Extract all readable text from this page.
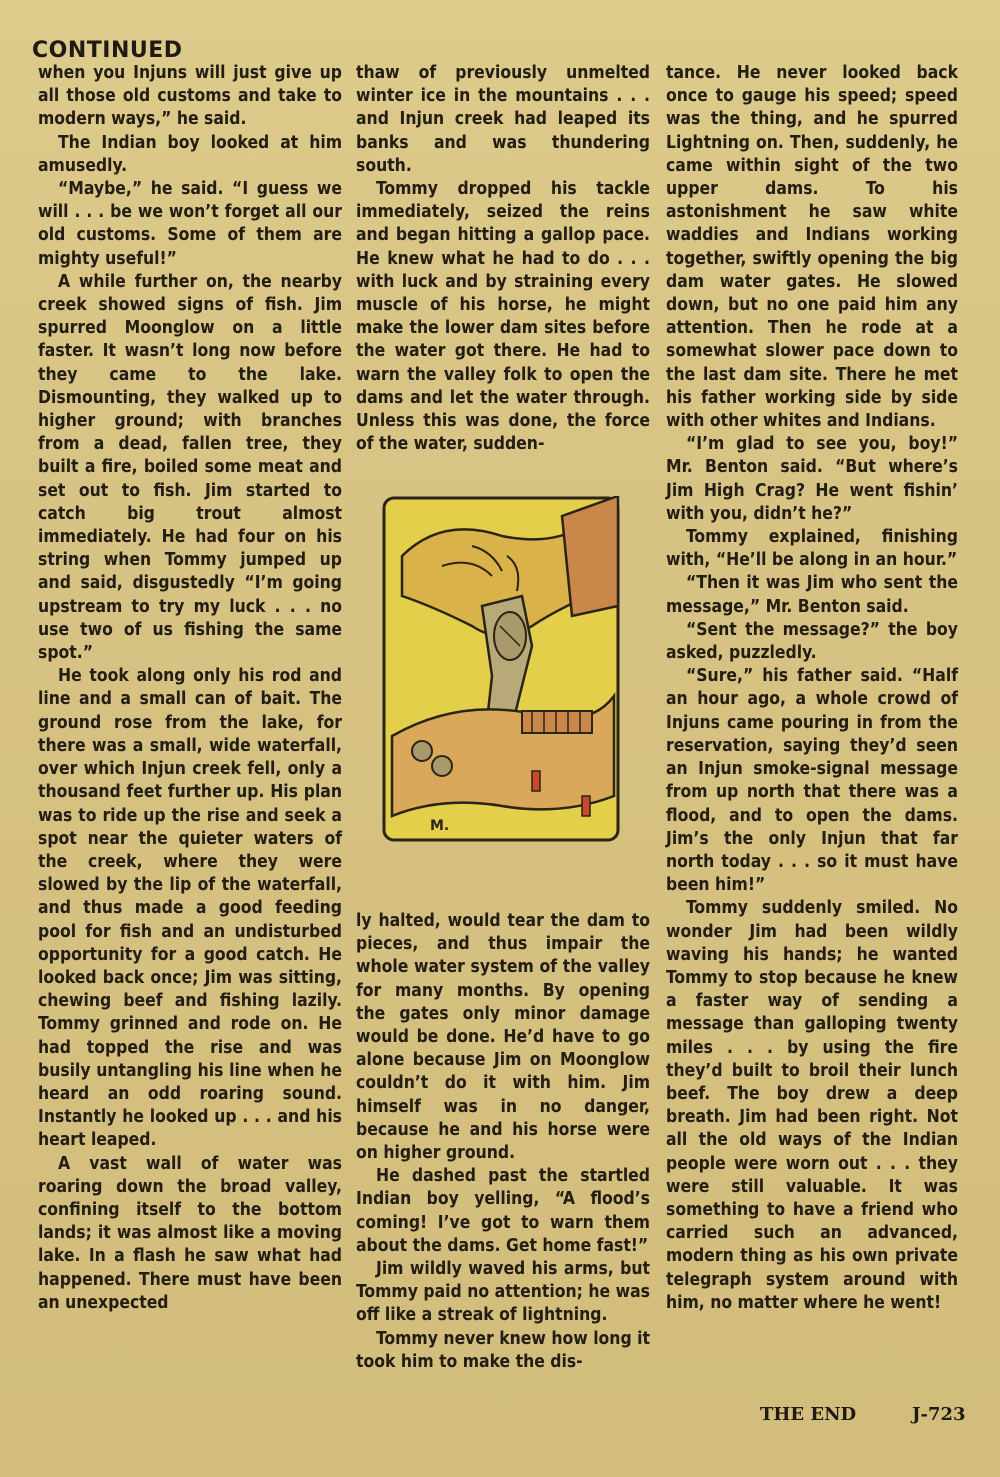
CONTINUED

when you Injuns will just give up all those old customs and take to modern ways,” he said.

The Indian boy looked at him amusedly.

“Maybe,” he said. “I guess we will . . . be we won’t forget all our old customs. Some of them are mighty useful!”

A while further on, the nearby creek showed signs of fish. Jim spurred Moonglow on a little faster. It wasn’t long now before they came to the lake. Dismounting, they walked up to higher ground; with branches from a dead, fallen tree, they built a fire, boiled some meat and set out to fish. Jim started to catch big trout almost immediately. He had four on his string when Tommy jumped up and said, disgustedly “I’m going upstream to try my luck . . . no use two of us fishing the same spot.”

He took along only his rod and line and a small can of bait. The ground rose from the lake, for there was a small, wide waterfall, over which Injun creek fell, only a thousand feet further up. His plan was to ride up the rise and seek a spot near the quieter waters of the creek, where they were slowed by the lip of the waterfall, and thus made a good feeding pool for fish and an undisturbed opportunity for a good catch. He looked back once; Jim was sitting, chewing beef and fishing lazily. Tommy grinned and rode on. He had topped the rise and was busily untangling his line when he heard an odd roaring sound. Instantly he looked up . . . and his heart leaped.

A vast wall of water was roaring down the broad valley, confining itself to the bottom lands; it was almost like a moving lake. In a flash he saw what had happened. There must have been an unexpected

thaw of previously unmelted winter ice in the mountains . . . and Injun creek had leaped its banks and was thundering south.

Tommy dropped his tackle immediately, seized the reins and began hitting a gallop pace. He knew what he had to do . . . with luck and by straining every muscle of his horse, he might make the lower dam sites before the water got there. He had to warn the valley folk to open the dams and let the water through. Unless this was done, the force of the water, sudden-

M.

ly halted, would tear the dam to pieces, and thus impair the whole water system of the valley for many months. By opening the gates only minor damage would be done. He’d have to go alone because Jim on Moonglow couldn’t do it with him. Jim himself was in no danger, because he and his horse were on higher ground.

He dashed past the startled Indian boy yelling, “A flood’s coming! I’ve got to warn them about the dams. Get home fast!”

Jim wildly waved his arms, but Tommy paid no attention; he was off like a streak of lightning.

Tommy never knew how long it took him to make the dis-

tance. He never looked back once to gauge his speed; speed was the thing, and he spurred Lightning on. Then, suddenly, he came within sight of the two upper dams. To his astonishment he saw white waddies and Indians working together, swiftly opening the big dam water gates. He slowed down, but no one paid him any attention. Then he rode at a somewhat slower pace down to the last dam site. There he met his father working side by side with other whites and Indians.

“I’m glad to see you, boy!” Mr. Benton said. “But where’s Jim High Crag? He went fishin’ with you, didn’t he?”

Tommy explained, finishing with, “He’ll be along in an hour.”

“Then it was Jim who sent the message,” Mr. Benton said.

“Sent the message?” the boy asked, puzzledly.

“Sure,” his father said. “Half an hour ago, a whole crowd of Injuns came pouring in from the reservation, saying they’d seen an Injun smoke-signal message from up north that there was a flood, and to open the dams. Jim’s the only Injun that far north today . . . so it must have been him!”

Tommy suddenly smiled. No wonder Jim had been wildly waving his hands; he wanted Tommy to stop because he knew a faster way of sending a message than galloping twenty miles . . . by using the fire they’d built to broil their lunch beef. The boy drew a deep breath. Jim had been right. Not all the old ways of the Indian people were worn out . . . they were still valuable. It was something to have a friend who carried such an advanced, modern thing as his own private telegraph system around with him, no matter where he went!

THE END	J-723
